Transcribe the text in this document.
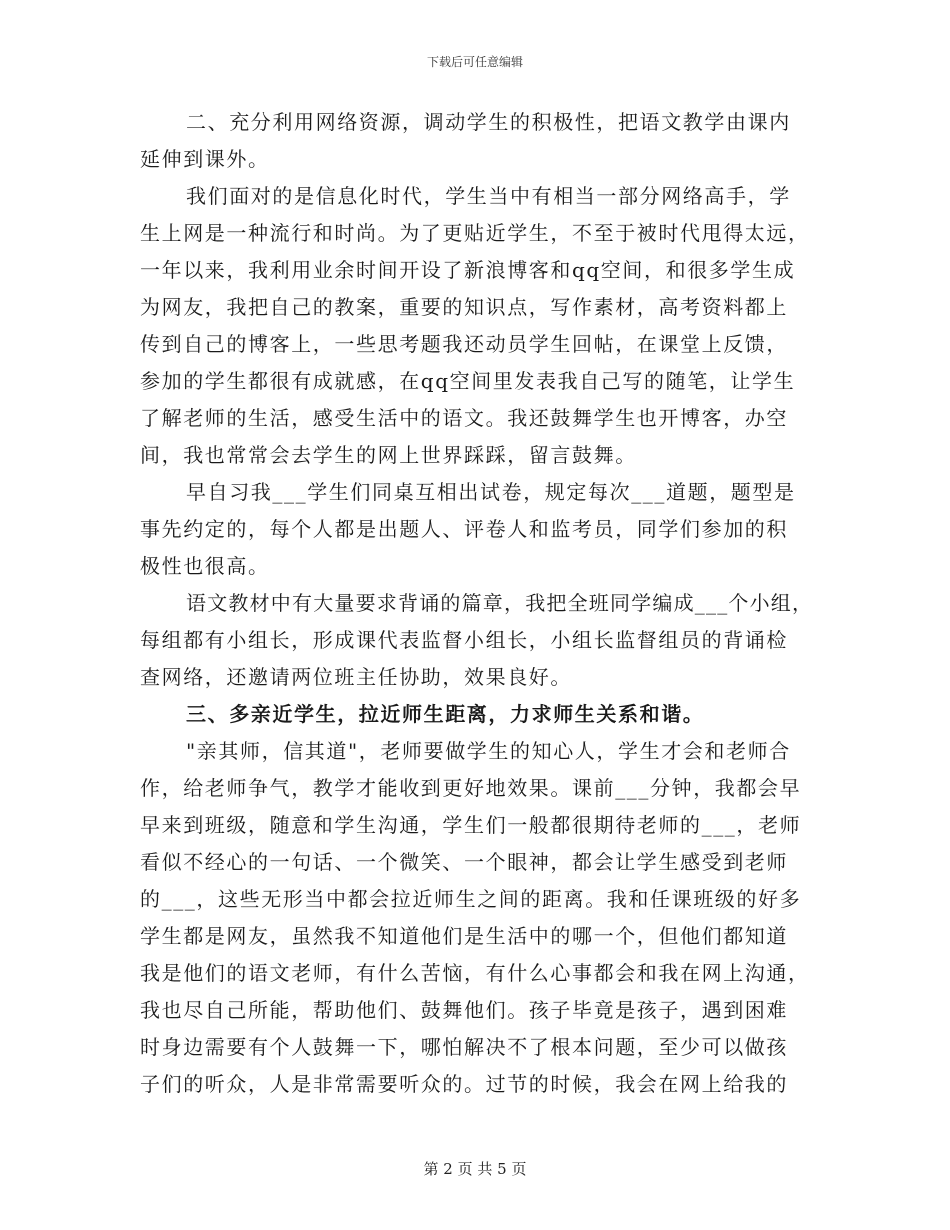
下载后可任意编辑
二、充分利用网络资源，调动学生的积极性，把语文教学由课内
延伸到课外。
我们面对的是信息化时代，学生当中有相当一部分网络高手，学
生上网是一种流行和时尚。为了更贴近学生，不至于被时代甩得太远，
一年以来，我利用业余时间开设了新浪博客和qq空间，和很多学生成
为网友，我把自己的教案，重要的知识点，写作素材，高考资料都上
传到自己的博客上，一些思考题我还动员学生回帖，在课堂上反馈，
参加的学生都很有成就感，在qq空间里发表我自己写的随笔，让学生
了解老师的生活，感受生活中的语文。我还鼓舞学生也开博客，办空
间，我也常常会去学生的网上世界踩踩，留言鼓舞。
早自习我___学生们同桌互相出试卷，规定每次___道题，题型是
事先约定的，每个人都是出题人、评卷人和监考员，同学们参加的积
极性也很高。
语文教材中有大量要求背诵的篇章，我把全班同学编成___个小组，
每组都有小组长，形成课代表监督小组长，小组长监督组员的背诵检
查网络，还邀请两位班主任协助，效果良好。
三、多亲近学生，拉近师生距离，力求师生关系和谐。
"亲其师，信其道"，老师要做学生的知心人，学生才会和老师合
作，给老师争气，教学才能收到更好地效果。课前___分钟，我都会早
早来到班级，随意和学生沟通，学生们一般都很期待老师的___，老师
看似不经心的一句话、一个微笑、一个眼神，都会让学生感受到老师
的___，这些无形当中都会拉近师生之间的距离。我和任课班级的好多
学生都是网友，虽然我不知道他们是生活中的哪一个，但他们都知道
我是他们的语文老师，有什么苦恼，有什么心事都会和我在网上沟通，
我也尽自己所能，帮助他们、鼓舞他们。孩子毕竟是孩子，遇到困难
时身边需要有个人鼓舞一下，哪怕解决不了根本问题，至少可以做孩
子们的听众，人是非常需要听众的。过节的时候，我会在网上给我的
第 2 页 共 5 页
